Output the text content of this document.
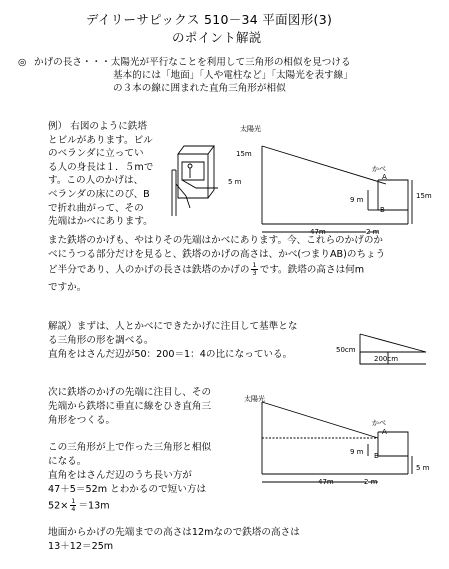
デイリーサピックス 510－34 平面図形(3)
のポイント解説
◎ かげの長さ・・・太陽光が平行なことを利用して三角形の相似を見つける
基本的には「地面」「人や電柱など」「太陽光を表す線」
の３本の線に囲まれた直角三角形が相似
例） 右図のように鉄塔
とビルがあります。ビル
のベランダに立ってい
る人の身長は１．５mで
す。この人のかげは、
ベランダの床にのび、B
で折れ曲がって、その
先端はかべにあります。
また鉄塔のかげも、やはりその先端はかべにあります。今、これらのかげのか
べにうつる部分だけを見ると、鉄塔のかげの高さは、かべ(つまりAB)のちょう
ど半分であり、人のかげの長さは鉄塔のかげの $\frac{1}{3}$ です。鉄塔の高さは何m
ですか。
解説）まずは、人とかべにできたかげに注目して基準とな
る三角形の形を調べる。
直角をはさんだ辺が50：200＝1：4の比になっている。
次に鉄塔のかげの先端に注目し、その
先端から鉄塔に垂直に線をひき直角三
角形をつくる。
この三角形が上で作った三角形と相似
になる。
直角をはさんだ辺のうち長い方が
47＋5＝52m とわかるので短い方は
$52\times \frac{1}{4} =13m$
地面からかげの先端までの高さは12mなので鉄塔の高さは
13＋12＝25m
15m
5 m
太陽光
かべ
A
B
9 m
47m	2 m
15m
50cm
200cm
太陽光
かべ
A
B
9 m
47m	2 m
5 m
